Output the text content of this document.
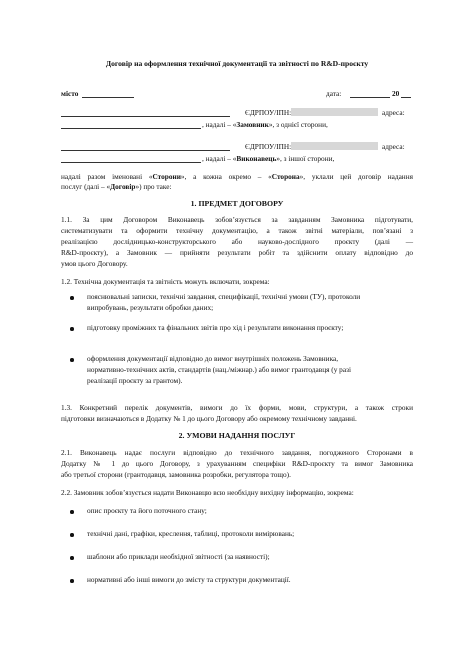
Договір на оформлення технічної документації та звітності по R&D-проєкту
місто	дата:	20
ЄДРПОУ/ІПН:	адреса:
, надалі – «Замовник», з однієї сторони,
ЄДРПОУ/ІПН:	адреса:
, надалі – «Виконавець», з іншої сторони,
надалі разом іменовані «Сторони», а кожна окремо – «Сторона», уклали цей договір надання
послуг (далі – «Договір») про таке:
1. ПРЕДМЕТ ДОГОВОРУ
1.1. За цим Договором Виконавець зобов’язується за завданням Замовника підготувати,
систематизувати та оформити технічну документацію, а також звітні матеріали, пов’язані з
реалізацією дослідницько-конструкторського або науково-дослідного проєкту (далі —
R&D-проєкту), а Замовник — прийняти результати робіт та здійснити оплату відповідно до
умов цього Договору.
1.2. Технічна документація та звітність можуть включати, зокрема:
пояснювальні записки, технічні завдання, специфікації, технічні умови (ТУ), протоколи
випробувань, результати обробки даних;
підготовку проміжних та фінальних звітів про хід і результати виконання проєкту;
оформлення документації відповідно до вимог внутрішніх положень Замовника,
нормативно-технічних актів, стандартів (нац./міжнар.) або вимог грантодавця (у разі
реалізації проєкту за грантом).
1.3. Конкретний перелік документів, вимоги до їх форми, мови, структури, а також строки
підготовки визначаються в Додатку № 1 до цього Договору або окремому технічному завданні.
2. УМОВИ НАДАННЯ ПОСЛУГ
2.1. Виконавець надає послуги відповідно до технічного завдання, погодженого Сторонами в
Додатку № 1 до цього Договору, з урахуванням специфіки R&D-проєкту та вимог Замовника
або третьої сторони (грантодавця, замовника розробки, регулятора тощо).
2.2. Замовник зобов’язується надати Виконавцю всю необхідну вихідну інформацію, зокрема:
опис проєкту та його поточного стану;
технічні дані, графіки, креслення, таблиці, протоколи вимірювань;
шаблони або приклади необхідної звітності (за наявності);
нормативні або інші вимоги до змісту та структури документації.
